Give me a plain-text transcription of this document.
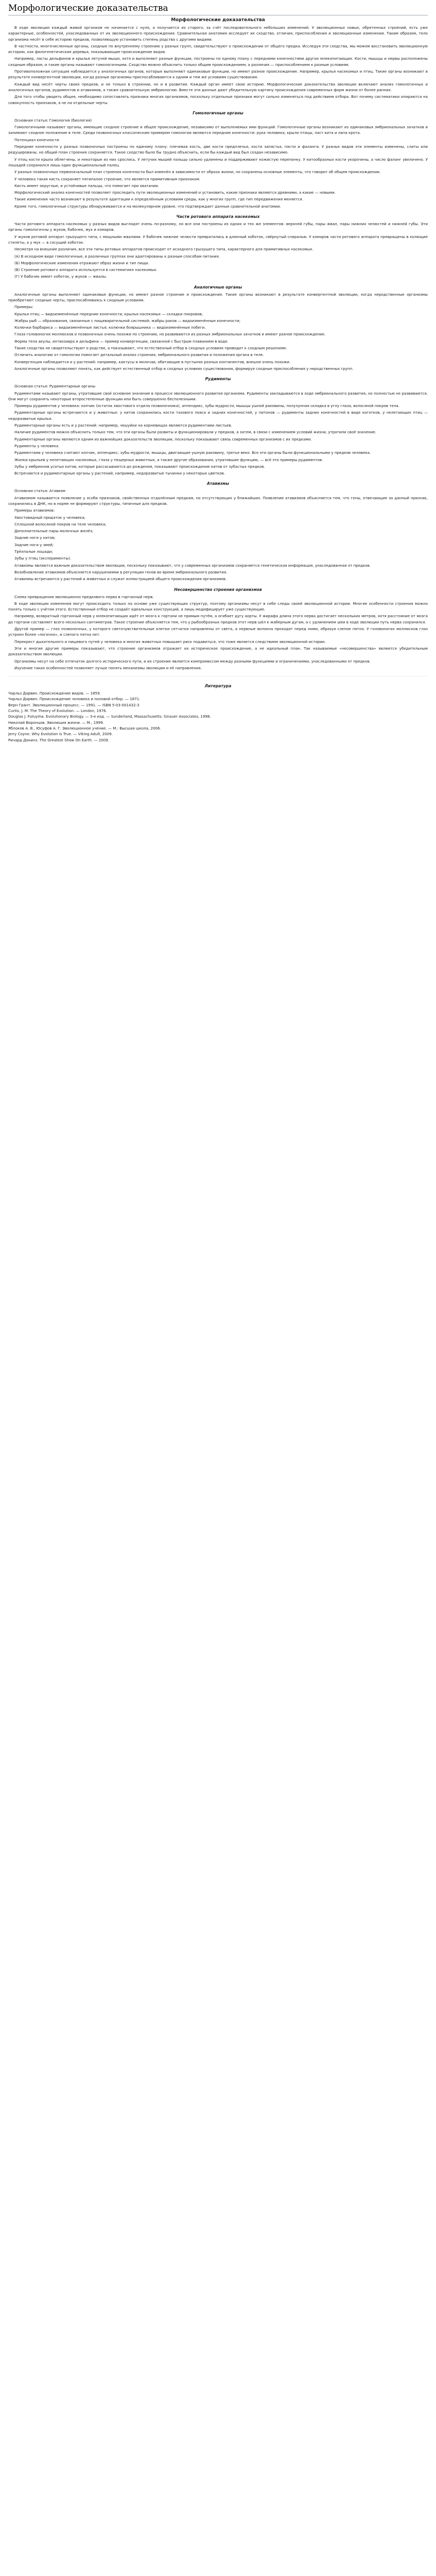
Морфологические доказательства
Морфологические доказательства

В ходе эволюции каждый живой организм не начинается с нуля, а получается из старого, за счёт последовательного небольших изменений. У эволюционных новых, обретенных строений, есть уже характерные, особенностей, унаследованных от их эволюционного происхождения. Сравнительная анатомия исследует их сходство, отличия, приспособления и эволюционные изменения. Таким образом, тело организма несёт в себе историю предков, позволяющую установить степень родства с другими видами.

В частности, многочисленные органы, сходные по внутреннему строению у разных групп, свидетельствуют о происхождении от общего предка. Исследуя эти сходства, мы можем восстановить эволюционную историю, как филогенетические деревья, показывающие происхождение видов.

Например, ласты дельфинов и крылья летучей мыши, хотя и выполняют разные функции, построены по одному плану с передними конечностями других млекопитающих. Кости, мышцы и нервы расположены сходным образом, и такие органы называют гомологичными. Сходство можно объяснить только общим происхождением, а различия — приспособлением к разным условиям.

Противоположная ситуация наблюдается у аналогичных органов, которые выполняют одинаковые функции, но имеют разное происхождение. Например, крылья насекомых и птиц. Такие органы возникают в результате конвергентной эволюции, когда разные организмы приспосабливаются к одним и тем же условиям существования.

Каждый вид несёт черты своих предков, и не только в строении, но и в развитии. Каждый орган имеет свою историю. Морфологические доказательства эволюции включают анализ гомологичных и аналогичных органов, рудиментов и атавизмов, а также сравнительную эмбриологию. Вместе эти данные дают убедительную картину происхождения современных форм жизни от более ранних.

Для того чтобы увидеть общее, необходимо сопоставлять признаки многих организмов, поскольку отдельные признаки могут сильно изменяться под действием отбора. Вот почему систематики опираются на совокупность признаков, а не на отдельные черты.

Гомологичные органы

Основная статья: Гомология (биология)

Гомологичными называют органы, имеющие сходное строение и общее происхождение, независимо от выполняемых ими функций. Гомологичные органы возникают из одинаковых эмбриональных зачатков и занимают сходное положение в теле. Среди позвоночных классическим примером гомологии являются передние конечности: рука человека, крыло птицы, ласт кита и лапа крота.

Потенциал конечности

Передние конечности у разных позвоночных построены по единому плану: плечевая кость, две кости предплечья, кости запястья, пясти и фаланги. У разных видов эти элементы изменены, слиты или редуцированы, но общий план строения сохраняется. Такое сходство было бы трудно объяснить, если бы каждый вид был создан независимо.

У птиц кости крыла облегчены, и некоторые из них срослись. У летучих мышей пальцы сильно удлинены и поддерживают кожистую перепонку. У китообразных кости укорочены, а число фаланг увеличено. У лошадей сохранился лишь один функциональный палец.

У разных позвоночных первоначальный план строения конечности был изменён в зависимости от образа жизни, но сохранены основные элементы, что говорит об общем происхождении.

У человека такая кисть сохраняет пятипалое строение, что является примитивным признаком.

Кисть имеет округлые, и устойчивые пальцы, что помогает при хватании.

Морфологический анализ конечностей позволяет проследить пути эволюционных изменений и установить, какие признаки являются древними, а какие — новыми.

Такие изменения часто возникают в результате адаптации к определённым условиям среды, как у многих групп, где тип передвижения меняется.

Кроме того, гомологичные структуры обнаруживаются и на молекулярном уровне, что подтверждает данные сравнительной анатомии.

Части ротового аппарата насекомых

Части ротового аппарата насекомых у разных видов выглядят очень по-разному, но все они построены из одних и тех же элементов: верхней губы, пары жвал, пары нижних челюстей и нижней губы. Эти органы гомологичны у жуков, бабочек, мух и комаров.

У жуков ротовой аппарат грызущего типа, с мощными жвалами. У бабочек нижние челюсти превратились в длинный хоботок, свёрнутый спиралью. У комаров части ротового аппарата превращены в колющие стилеты, а у мух — в сосущий хоботок.

Несмотря на внешние различия, все эти типы ротовых аппаратов происходят от исходного грызущего типа, характерного для примитивных насекомых.

(А) В исходном виде гомологичные, в различных группах они адаптированы к разным способам питания.

(Б) Морфологические изменения отражают образ жизни и тип пищи.

(В) Строение ротового аппарата используется в систематике насекомых.

(Г) У бабочек имеет хоботок, у жуков — жвалы.

Аналогичные органы

Аналогичные органы выполняют одинаковые функции, но имеют разное строение и происхождение. Такие органы возникают в результате конвергентной эволюции, когда неродственные организмы приобретают сходные черты, приспосабливаясь к сходным условиям.

Примеры:

Крылья птиц — видоизменённые передние конечности; крылья насекомых — складки покровов;

Жабры рыб — образования, связанные с пищеварительной системой; жабры раков — видоизменённые конечности;

Колючки барбариса — видоизменённые листья; колючки боярышника — видоизменённые побеги.

Глаза головоногих моллюсков и позвоночных очень похожи по строению, но развиваются из разных эмбриональных зачатков и имеют разное происхождение.

Форма тела акулы, ихтиозавра и дельфина — пример конвергенции, связанной с быстрым плаванием в воде.

Такие сходства не свидетельствуют о родстве, а показывают, что естественный отбор в сходных условиях приводит к сходным решениям.

Отличить аналогию от гомологии помогает детальный анализ строения, эмбрионального развития и положения органа в теле.

Конвергенция наблюдается и у растений: например, кактусы и молочаи, обитающие в пустынях разных континентов, внешне очень похожи.

Аналогичные органы позволяют понять, как действует естественный отбор в сходных условиях существования, формируя сходные приспособления у неродственных групп.

Рудименты

Основная статья: Рудиментарные органы

Рудиментами называют органы, утратившие своё основное значение в процессе эволюционного развития организма. Рудименты закладываются в ходе эмбрионального развития, но полностью не развиваются. Они могут сохранять некоторые второстепенные функции или быть совершенно бесполезными.

Примеры рудиментов у человека: копчик (остаток хвостового отдела позвоночника), аппендикс, зубы мудрости, мышцы ушной раковины, полулунная складка в углу глаза, волосяной покров тела.

Рудиментарные органы встречаются и у животных: у китов сохранились кости тазового пояса и задних конечностей, у питонов — рудименты задних конечностей в виде коготков, у нелетающих птиц — недоразвитые крылья.

Рудиментарные органы есть и у растений: например, чешуйки на корневищах являются рудиментами листьев.

Наличие рудиментов можно объяснить только тем, что эти органы были развиты и функционировали у предков, а затем, в связи с изменением условий жизни, утратили своё значение.

Рудиментарные органы являются одним из важнейших доказательств эволюции, поскольку показывают связь современных организмов с их предками.

Рудименты у человека

Рудиментами у человека считают копчик, аппендикс, зубы мудрости, мышцы, двигающие ушную раковину, третье веко. Все эти органы были функциональными у предков человека.

Жилки крыльев у нелетающих насекомых, глаза у пещерных животных, а также другие образования, утратившие функцию, — всё это примеры рудиментов.

Зубы у эмбрионов усатых китов, которые рассасываются до рождения, показывают происхождение китов от зубастых предков.

Встречаются и рудиментарные органы у растений, например, недоразвитые тычинки у некоторых цветков.

Атавизмы

Основная статья: Атавизм

Атавизмом называется появление у особи признаков, свойственных отдалённым предкам, но отсутствующих у ближайших. Появление атавизмов объясняется тем, что гены, отвечающие за данный признак, сохранились в ДНК, но в норме не формируют структуры, типичные для предков.

Примеры атавизмов:

Хвостовидный придаток у человека;

Сплошной волосяной покров на теле человека;

Дополнительные пары молочных желёз;

Задние ноги у китов;

Задние ноги у змей;

Трёхпалые лошади;

Зубы у птиц (эксперименты).

Атавизмы являются важным доказательством эволюции, поскольку показывают, что у современных организмов сохраняется генетическая информация, унаследованная от предков.

Возобновление атавизмов объясняется нарушениями в регуляции генов во время эмбрионального развития.

Атавизмы встречаются у растений и животных и служат иллюстрацией общего происхождения организмов.

Несовершенство строения организмов

Схема превращения эволюционно предкового нерва в гортанный нерв.

В ходе эволюции изменения могут происходить только на основе уже существующих структур, поэтому организмы несут в себе следы своей эволюционной истории. Многие особенности строения можно понять только с учётом этого. Естественный отбор не создаёт идеальных конструкций, а лишь модифицирует уже существующие.

Например, возвратный гортанный нерв у млекопитающих идёт от мозга к гортани не прямым путём, а огибает дугу аорты. У жирафа длина этого нерва достигает нескольких метров, хотя расстояние от мозга до гортани составляет всего несколько сантиметров. Такое строение объясняется тем, что у рыбообразных предков этот нерв шёл к жаберным дугам, а с удлинением шеи в ходе эволюции путь нерва сохранился.

Другой пример — глаз позвоночных, у которого светочувствительные клетки сетчатки направлены от света, а нервные волокна проходят перед ними, образуя слепое пятно. У головоногих моллюсков глаз устроен более «логично», и слепого пятна нет.

Перекрест дыхательного и пищевого путей у человека и многих животных повышает риск подавиться, что тоже является следствием эволюционной истории.

Эти и многие другие примеры показывают, что строение организмов отражает их историческое происхождение, а не идеальный план. Так называемые «несовершенства» являются убедительным доказательством эволюции.

Организмы несут на себе отпечаток долгого исторического пути, и их строение является компромиссом между разными функциями и ограничениями, унаследованными от предков.

Изучение таких особенностей позволяет лучше понять механизмы эволюции и её направления.

Литература
Чарльз Дарвин. Происхождение видов. — 1859.
Чарльз Дарвин. Происхождение человека и половой отбор. — 1871.
Верн Грант. Эволюционный процесс. — 1991. — ISBN 5-03-001432-3
Curtis, J. M. The Theory of Evolution. — London, 1976.
Douglas J. Futuyma. Evolutionary Biology. — 3-е изд. — Sunderland, Massachusetts: Sinauer Associates, 1998.
Николай Воронцов. Эволюция жизни. — М., 1999.
Яблоков А. В., Юсуфов А. Г. Эволюционное учение. — М.: Высшая школа, 2006.
Jerry Coyne. Why Evolution is True. — Viking Adult, 2009.
Ричард Докинз. The Greatest Show On Earth. — 2009.
